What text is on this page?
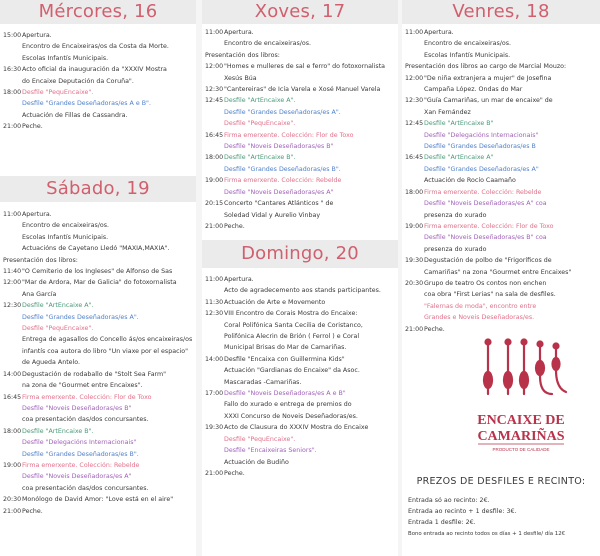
Mércores, 16
15:00 Apertura.
Encontro de Encaixeiras/os da Costa da Morte.
Escolas Infantís Municipais.
16:30 Acto oficial da inauguración da "XXXIV Mostra
do Encaixe Deputación da Coruña".
18:00 Desfile "PequEncaixe".
Desfile "Grandes Deseñadoras/es A e B".
Actuación de Fillas de Cassandra.
21:00 Peche.
Sábado, 19
11:00 Apertura.
Encontro de encaixeiras/os.
Escolas Infantís Municipais.
Actuacións de Cayetano Lledó "MAXIA,MAXIA".
Presentación dos libros:
11:40 "O Cemiterio de los Ingleses" de Alfonso de Sas
12:00 "Mar de Ardora, Mar de Galicia" do fotoxornalista
Ana García
12:30 Desfile "ArtEncaixe A".
Desfile "Grandes Deseñadoras/es A".
Desfile "PequEncaixe".
Entrega de agasallos do Concello ás/os encaixeiras/os
infantís coa autora do libro "Un viaxe por el espacio"
de Agueda Antelo.
14:00 Degustación de rodaballo de "Stolt Sea Farm"
na zona de "Gourmet entre Encaixes".
16:45 Firma emerxente. Colección: Flor de Toxo
Desfile "Noveis Deseñadoras/es B"
coa presentación das/dos concursantes.
18:00 Desfile "ArtEncaixe B".
Desfile "Delegacións Internacionais"
Desfile "Grandes Deseñadoras/es B".
19:00 Firma emerxente. Colección: Rebelde
Desfile "Noveis Deseñadoras/es A"
coa presentación das/dos concursantes.
20:30 Monólogo de David Amor: "Love está en el aire"
21:00 Peche.
Xoves, 17
11:00 Apertura.
Encontro de encaixeiras/os.
Presentación dos libros:
12:00 "Homes e mulleres de sal e ferro" do fotoxornalista
Xesús Búa
12:30 "Cantereiras" de Icía Varela e Xosé Manuel Varela
12:45 Desfile "ArtEncaixe A".
Desfile "Grandes Deseñadoras/es A".
Desfile "PequEncaixe".
16:45 Firma emerxente. Colección: Flor de Toxo
Desfile "Noveis Deseñadoras/es B"
18:00 Desfile "ArtEncaixe B".
Desfile "Grandes Deseñadoras/es B".
19:00 Firma emerxente. Colección: Rebelde
Desfile "Noveis Deseñadoras/es A"
20:15 Concerto "Cantares Atlánticos " de
Soledad Vidal y Aurelio Vinbay
21:00 Peche.
Domingo, 20
11:00 Apertura.
Acto de agradecemento aos stands participantes.
11:30 Actuación de Arte e Movemento
12:30 VIII Encontro de Corais Mostra do Encaixe:
Coral Polifónica Santa Cecilia de Coristanco,
Polifónica Alecrin de Brión ( Ferrol ) e Coral
Municipal Brisas do Mar de Camariñas.
14:00 Desfile "Encaixa con Guillermina Kids"
Actuación "Gardianas do Encaixe" da Asoc.
Mascaradas -Camariñas.
17:00 Desfile "Noveis Deseñadoras/es A e B"
Fallo do xurado e entrega de premios do
XXXI Concurso de Noveis Deseñadoras/es.
19:30 Acto de Clausura do XXXIV Mostra do Encaixe
Desfile "PequEncaixe".
Desfile "Encaixeiras Seniors".
Actuación de Budiño
21:00 Peche.
Venres, 18
11:00 Apertura.
Encontro de encaixeiras/os.
Escolas Infantís Municipais.
Presentación dos libros ao cargo de Marcial Mouzo:
12:00 "De niña extranjera a mujer" de Josefina
Campaña López. Ondas do Mar
12:30 "Guía Camariñas, un mar de encaixe" de
Xan Fernández
12:45 Desfile "ArtEncaixe B"
Desfile "Delegacións Internacionais"
Desfile "Grandes Deseñadoras/es B
16:45 Desfile "ArtEncaixe A"
Desfile "Grandes Deseñadoras/es A"
Actuación de Rocío Caamaño
18:00 Firma emerxente. Colección: Rebelde
Desfile "Noveis Deseñadoras/es A" coa
presenza do xurado
19:00 Firma emerxente. Colección: Flor de Toxo
Desfile "Noveis Deseñadoras/es B" coa
presenza do xurado
19:30 Degustación de polbo de "Frigoríficos de
Camariñas" na zona "Gourmet entre Encaixes"
20:30 Grupo de teatro Os contos non enchen
coa obra "First Lerias" na sala de desfiles.
"Falernas de moda", encontro entre
Grandes e Noveis Deseñadoras/es.
21:00 Peche.
ENCAIXE DE
CAMARIÑAS
PRODUCTO DE CALIDADE
PREZOS DE DESFILES E RECINTO:
Entrada só ao recinto: 2€.
Entrada ao recinto + 1 desfile: 3€.
Entrada 1 desfile: 2€.
Bono entrada ao recinto todos os días + 1 desfile/ día 12€
